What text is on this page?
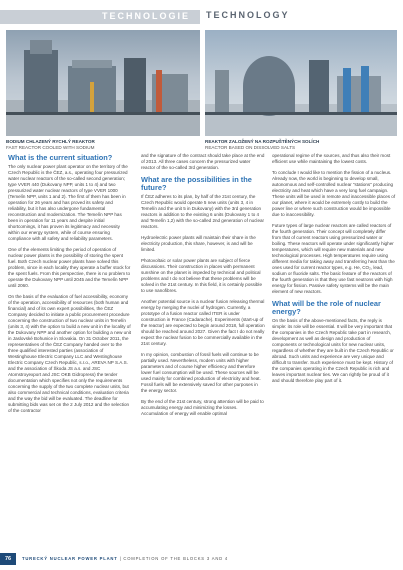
TECHNOLOGIE TECHNOLOGY
BODIUM CHLAZENÝ RYCHLÝ REAKTOR
FAST REACTOR COOLED WITH SODIUM
REAKTOR ZALOŽENÝ NA ROZPUŠTĚNÝCH SOLÍCH
REACTOR BASED ON DISSOLVED SALTS
What is the current situation?

The only nuclear power plant operator on the territory of the Czech Republic is the ČEZ, a.s., operating four pressurized water nuclear reactors of the so-called second generation; type VVER 440 (Dukovany NPP, units 1 to 4) and two pressurized water nuclear reactors of type VVER 1000 (Temelín NPP, units 1 and 2). The first of them has been in operation for 26 years and has proved its safety and reliability, but it has also undergone fundamental reconstruction and modernization. The Temelín NPP has been in operation for 11 years and despite initial shortcomings, it has proven its legitimacy and necessity within our energy system, while of course ensuring compliance with all safety and reliability parameters.

One of the elements limiting the period of operation of nuclear power plants is the possibility of storing the spent fuel. Both Czech nuclear power plants have solved this problem, since in each locality they operate a buffer stock for the spent fuels. From this perspective, there is no problem to operate the Dukovany NPP until 2045 and the Temelín NPP until 2060.

On the basis of the evaluation of fuel accessibility, economy of the operation, accessibility of resources (both human and financial) and of its own expert possibilities, the ČEZ Company decided to initiate a public procurement procedure concerning the construction of two nuclear units in Temelín (units 3, 4) with the option to build a new unit in the locality of the Dukovany NPP and another option for building a new unit in Jaslovské Bohunice in Slovakia. On 31 October 2011, the representatives of the ČEZ Company handed over to the three qualified interested parties (association of Westinghouse Electric Company LLC and Westinghouse Electric Company Czech Republic, s.r.o., AREVA NP S.A.S. and the association of Škoda JS a.s. and JSC Atomstroyexport and JSC OKB Gidropress) the tender documentation which specifies not only the requirements concerning the supply of the two complete nuclear units, but also commercial and technical conditions, evaluation criteria and the way the bid will be evaluated. The deadline for submitting bids was set on the 2 July 2012 and the selection of the contractor

and the signature of the contract should take place at the end of 2013. All three cases concern the pressurized water reactor of the so-called 3rd generation.

What are the possibilities in the future?

If ČEZ adheres to its plan, by half of the 21st century, the Czech Republic would operate 5 new units (units 3, 4 in Temelín and the unit 5 in Dukovany) with the 3rd generation reactors in addition to the existing 6 units (Dukovany 1 to 4 and Temelín 1,2) with the so-called 2nd generation of nuclear reactors.

Hydroelectric power plants will maintain their share in the electricity production, this share, however, is and will be limited.

Photovoltaic or solar power plants are subject of fierce discussions. Their construction in places with permanent sunshine on the planet is impeded by technical and political problems and I do not believe that these problems will be solved in the 21st century. In this field, it is certainly possible to use nanofibres.

Another potential source is a nuclear fusion releasing thermal energy by merging the nuclei of hydrogen. Currently, a prototype of a fusion reactor called ITER is under construction in France (Cadarache). Experiments (start-up of the reactor) are expected to begin around 2018, full operation should be reached around 2027. Given the fact I do not really expect the nuclear fusion to be commercially available in the 21st century.

In my opinion, combustion of fossil fuels will continue to be partially used. Nevertheless, modern units with higher parameters and of course higher efficiency and therefore lower fuel consumption will be used. These sources will be used mainly for combined production of electricity and heat. Fossil fuels will be extensively saved for other purposes in the energy sector.

By the end of the 21st century, strong attention will be paid to accumulating energy and minimizing the losses. Accumulation of energy will enable optimal

operational regime of the sources, and thus also their most efficient use while maintaining the lowest costs.

To conclude I would like to mention the fission of a nucleus. Already now, the world is beginning to develop small, autonomous and self-controlled nuclear "stations" producing electricity and heat which have a very long fuel campaign. These units will be used in remote and inaccessible places of our planet, where it would be extremely costly to build the power line or where such construction would be impossible due to inaccessibility.

Future types of large nuclear reactors are called reactors of the fourth generation. Their concept will completely differ from that of current reactors using pressurized water or boiling. These reactors will operate under significantly higher temperatures, which will require new materials and new technological processes. High temperatures require using different media for taking away and transferring heat than the ones used for current reactor types, e.g. He, CO₂, lead, sodium or fluoride salts. The basic feature of the reactors of the fourth generation is that they use fast neutrons with high energy for fission. Passive safety systems will be the main element of new reactors.

What will be the role of nuclear energy?

On the basis of the above-mentioned facts, the reply is simple: its role will be essential. It will be very important that the companies in the Czech Republic take part in research, development as well as design and production of components or technological units for new nuclear units, regardless of whether they are built in the Czech Republic or abroad. Such units and experience are very unique and difficult to transfer. Such experience must be kept. History of the companies operating in the Czech Republic is rich and leaves important nuclear ties. We can rightly be proud of it and should therefore play part of it.

76	TURECKÝ NUCLEAR POWER PLANT | COMPLETION OF THE BLOCKS 3 AND 4
